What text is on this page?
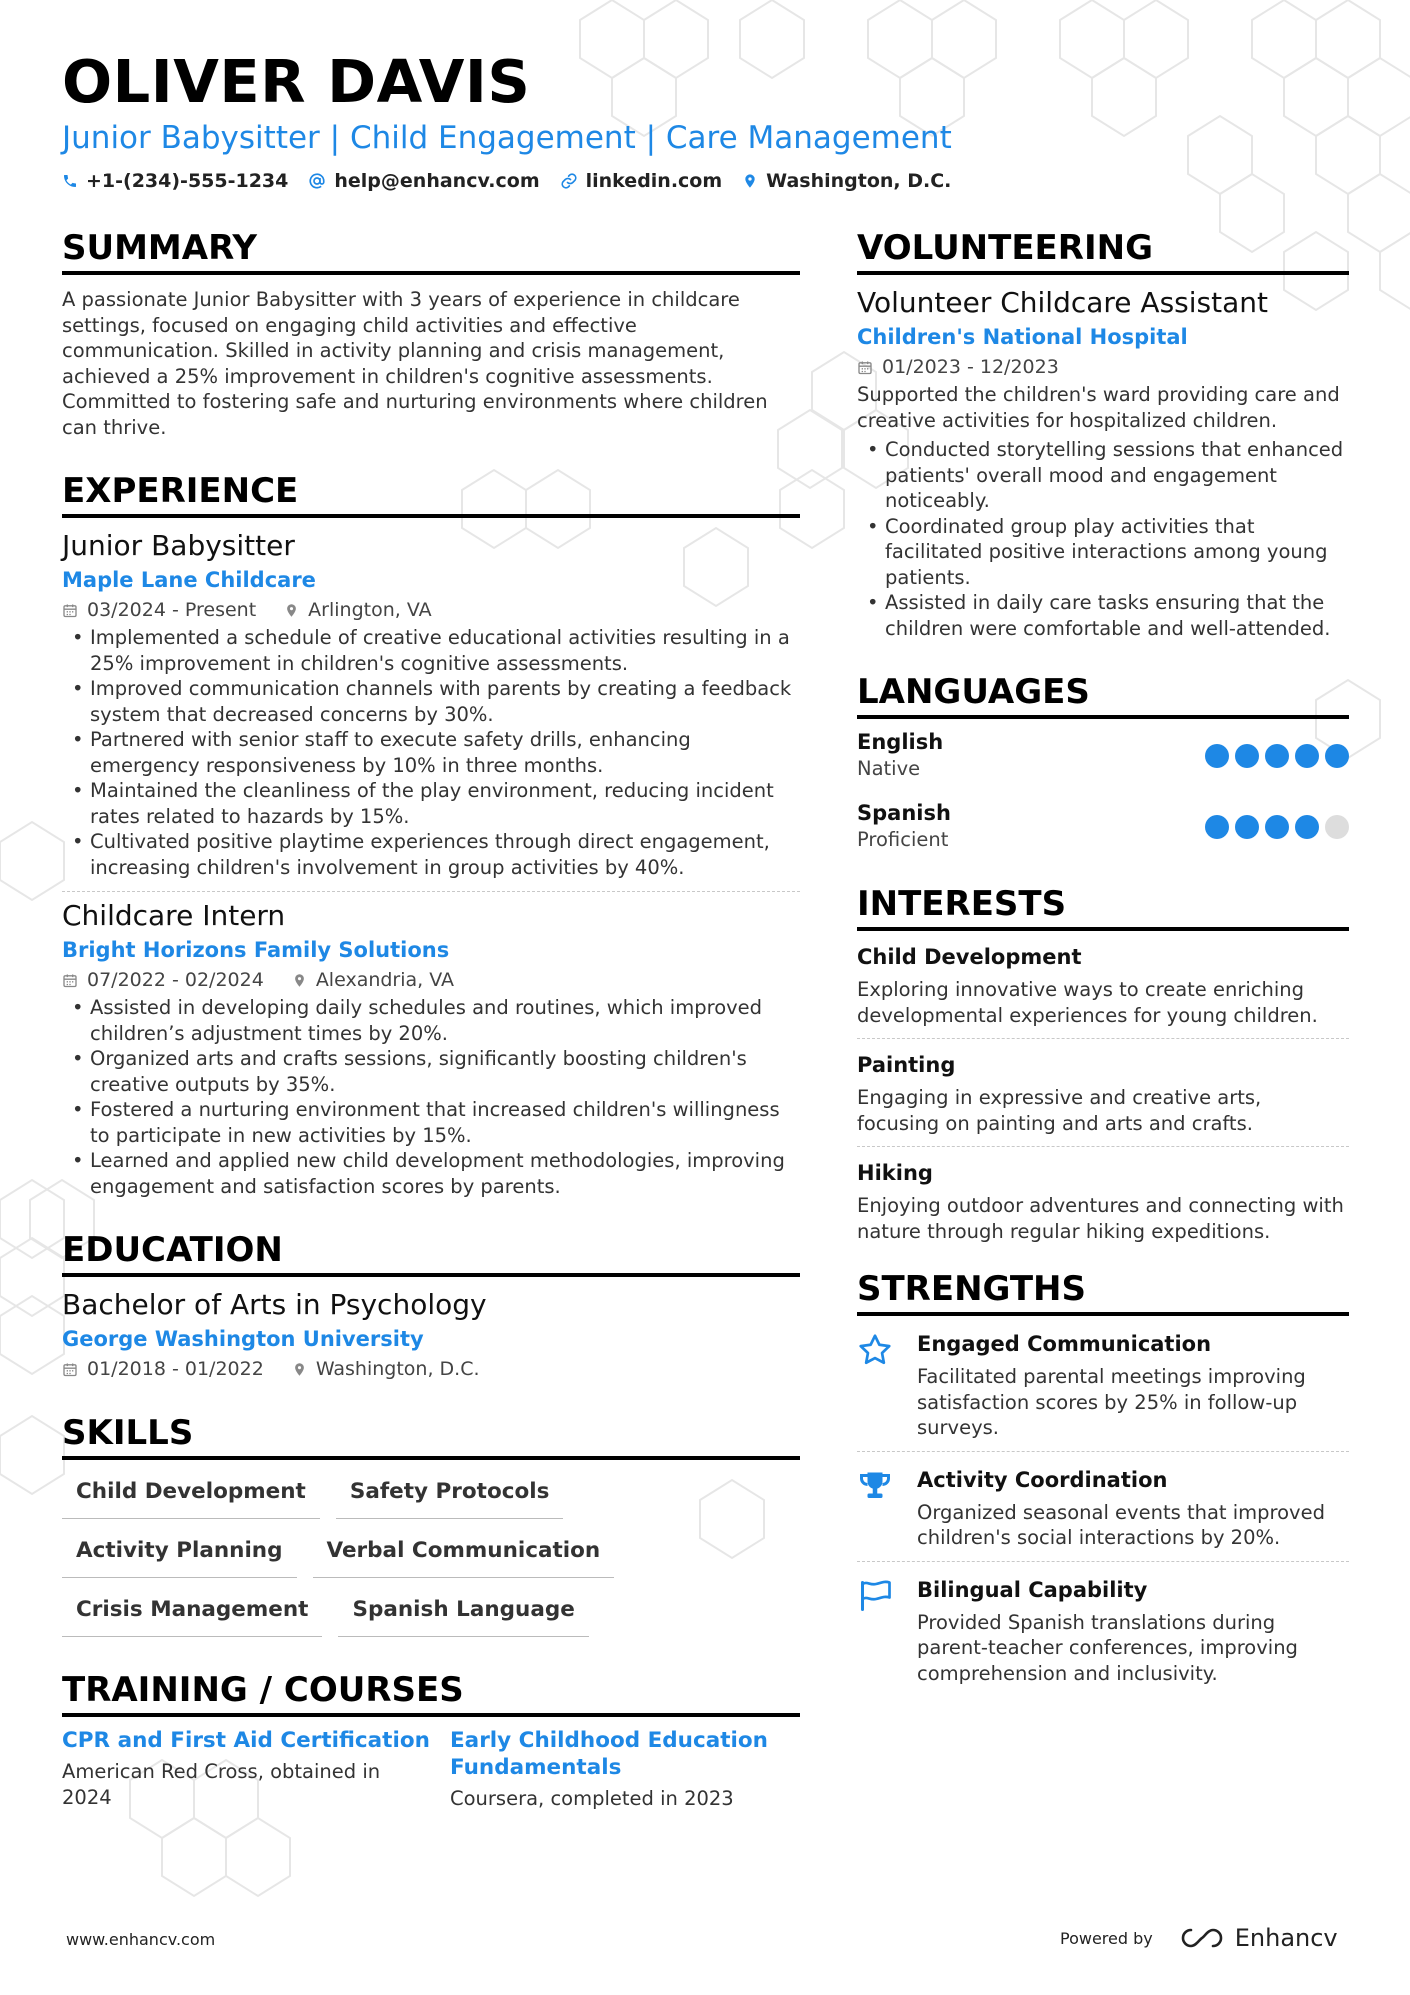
OLIVER DAVIS
Junior Babysitter | Child Engagement | Care Management
+1-(234)-555-1234 help@enhancv.com linkedin.com Washington, D.C.
SUMMARY
A passionate Junior Babysitter with 3 years of experience in childcare settings, focused on engaging child activities and effective communication. Skilled in activity planning and crisis management, achieved a 25% improvement in children's cognitive assessments. Committed to fostering safe and nurturing environments where children can thrive.
EXPERIENCE
Junior Babysitter
Maple Lane Childcare
03/2024 - Present	Arlington, VA
• Implemented a schedule of creative educational activities resulting in a 25% improvement in children's cognitive assessments.
• Improved communication channels with parents by creating a feedback system that decreased concerns by 30%.
• Partnered with senior staff to execute safety drills, enhancing emergency responsiveness by 10% in three months.
• Maintained the cleanliness of the play environment, reducing incident rates related to hazards by 15%.
• Cultivated positive playtime experiences through direct engagement, increasing children's involvement in group activities by 40%.
Childcare Intern
Bright Horizons Family Solutions
07/2022 - 02/2024	Alexandria, VA
• Assisted in developing daily schedules and routines, which improved children’s adjustment times by 20%.
• Organized arts and crafts sessions, significantly boosting children's creative outputs by 35%.
• Fostered a nurturing environment that increased children's willingness to participate in new activities by 15%.
• Learned and applied new child development methodologies, improving engagement and satisfaction scores by parents.
EDUCATION
Bachelor of Arts in Psychology
George Washington University
01/2018 - 01/2022	Washington, D.C.
SKILLS
Child Development	Safety Protocols
Activity Planning	Verbal Communication
Crisis Management	Spanish Language
TRAINING / COURSES
CPR and First Aid Certification
American Red Cross, obtained in 2024
Early Childhood Education Fundamentals
Coursera, completed in 2023
VOLUNTEERING
Volunteer Childcare Assistant
Children's National Hospital
01/2023 - 12/2023
Supported the children's ward providing care and creative activities for hospitalized children.
• Conducted storytelling sessions that enhanced patients' overall mood and engagement noticeably.
• Coordinated group play activities that facilitated positive interactions among young patients.
• Assisted in daily care tasks ensuring that the children were comfortable and well-attended.
LANGUAGES
English
Native
Spanish
Proficient
INTERESTS
Child Development
Exploring innovative ways to create enriching developmental experiences for young children.
Painting
Engaging in expressive and creative arts, focusing on painting and arts and crafts.
Hiking
Enjoying outdoor adventures and connecting with nature through regular hiking expeditions.
STRENGTHS
Engaged Communication
Facilitated parental meetings improving satisfaction scores by 25% in follow-up surveys.
Activity Coordination
Organized seasonal events that improved children's social interactions by 20%.
Bilingual Capability
Provided Spanish translations during parent-teacher conferences, improving comprehension and inclusivity.
www.enhancv.com	Powered by	Enhancv
